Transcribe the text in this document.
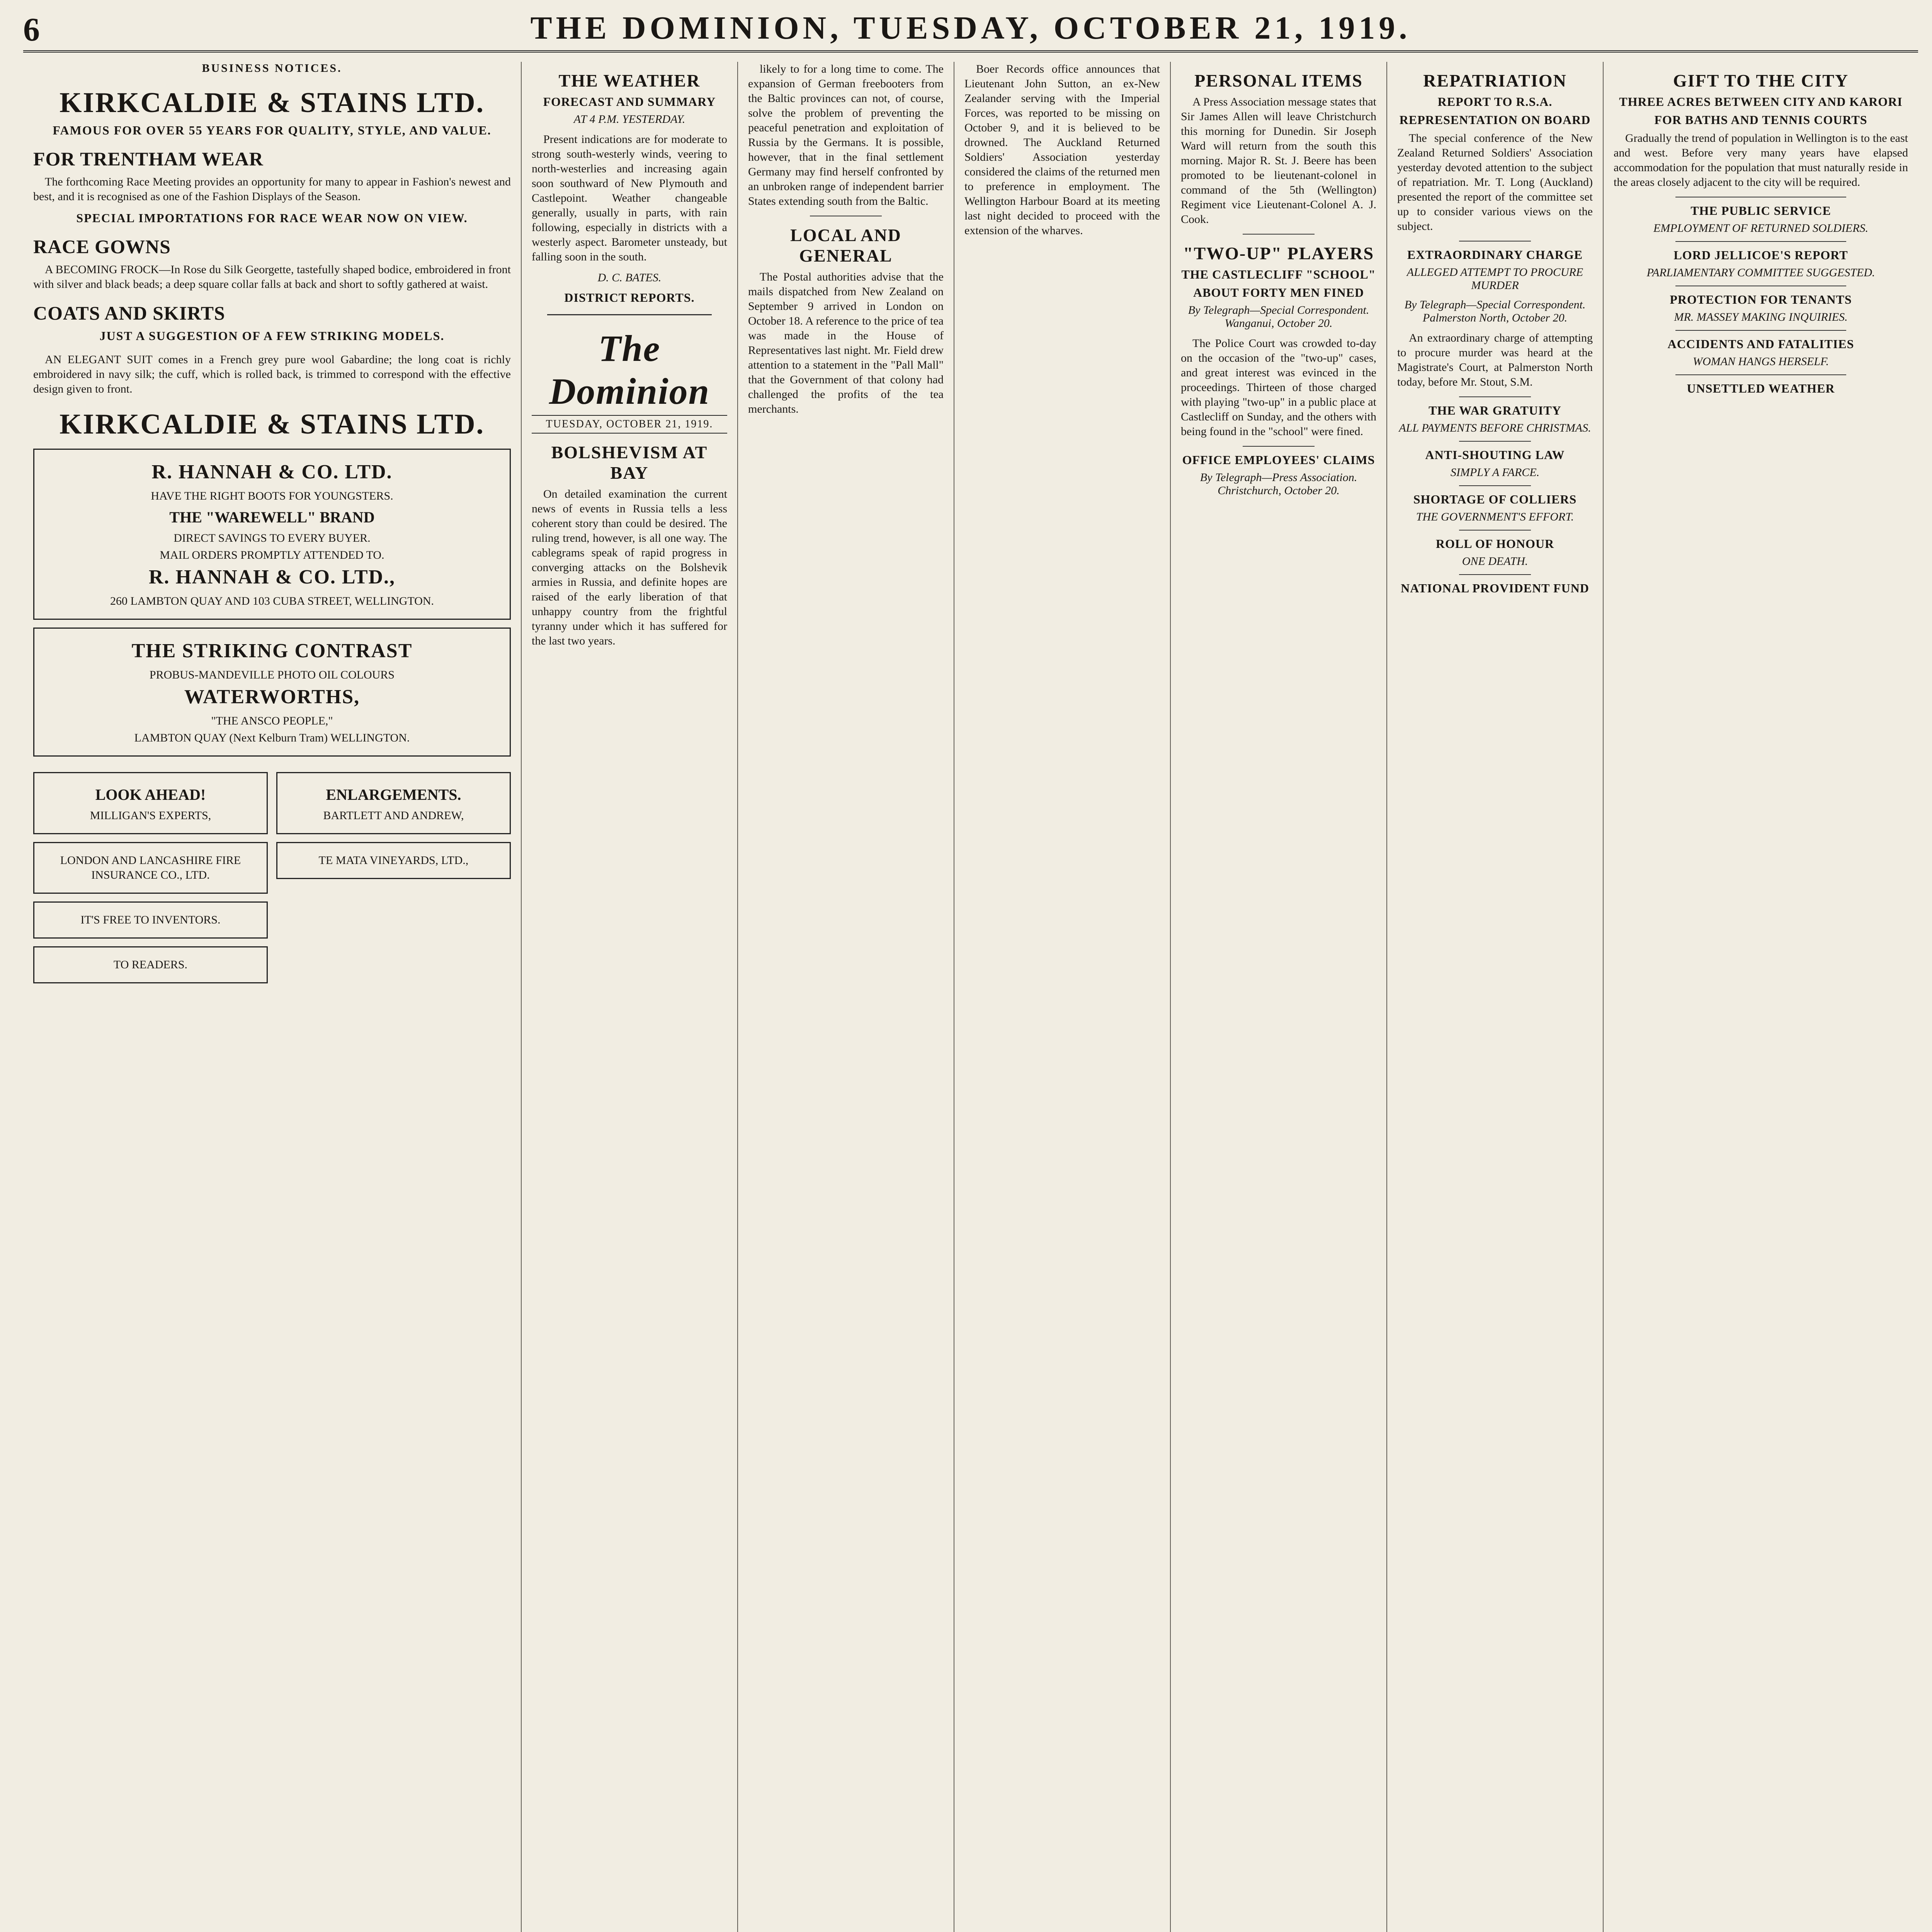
6	THE DOMINION, TUESDAY, OCTOBER 21, 1919.
BUSINESS NOTICES.
KIRKCALDIE & STAINS LTD.
FAMOUS FOR OVER 55 YEARS FOR QUALITY, STYLE, AND VALUE.
FOR TRENTHAM WEAR

The forthcoming Race Meeting provides an opportunity for many to appear in Fashion's newest and best, and it is recognised as one of the Fashion Displays of the Season.

SPECIAL IMPORTATIONS FOR RACE WEAR NOW ON VIEW.
RACE GOWNS

A BECOMING FROCK—In Rose du Silk Georgette, tastefully shaped bodice, embroidered in front with silver and black beads; a deep square collar falls at back and short to softly gathered at waist.

COATS AND SKIRTS
JUST A SUGGESTION OF A FEW STRIKING MODELS.

AN ELEGANT SUIT comes in a French grey pure wool Gabardine; the long coat is richly embroidered in navy silk; the cuff, which is rolled back, is trimmed to correspond with the effective design given to front.

KIRKCALDIE & STAINS LTD.
R. HANNAH & CO. LTD.
HAVE THE RIGHT BOOTS FOR YOUNGSTERS.
THE "WAREWELL" BRAND
DIRECT SAVINGS TO EVERY BUYER.
MAIL ORDERS PROMPTLY ATTENDED TO.
R. HANNAH & CO. LTD.,
260 LAMBTON QUAY AND 103 CUBA STREET, WELLINGTON.
THE STRIKING CONTRAST
PROBUS-MANDEVILLE PHOTO OIL COLOURS
WATERWORTHS,
"THE ANSCO PEOPLE,"
LAMBTON QUAY (Next Kelburn Tram) WELLINGTON.
LOOK AHEAD!
MILLIGAN'S EXPERTS,
LONDON AND LANCASHIRE FIRE INSURANCE CO., LTD.
IT'S FREE TO INVENTORS.
TO READERS.
ENLARGEMENTS.
BARTLETT AND ANDREW,
TE MATA VINEYARDS, LTD.,
THE WEATHER
FORECAST AND SUMMARY
AT 4 P.M. YESTERDAY.

Present indications are for moderate to strong south-westerly winds, veering to north-westerlies and increasing again soon southward of New Plymouth and Castlepoint. Weather changeable generally, usually in parts, with rain following, especially in districts with a westerly aspect. Barometer unsteady, but falling soon in the south.

D. C. BATES.
DISTRICT REPORTS.
The Dominion
TUESDAY, OCTOBER 21, 1919.
BOLSHEVISM AT BAY

On detailed examination the current news of events in Russia tells a less coherent story than could be desired. The ruling trend, however, is all one way. The cablegrams speak of rapid progress in converging attacks on the Bolshevik armies in Russia, and definite hopes are raised of the early liberation of that unhappy country from the frightful tyranny under which it has suffered for the last two years.

likely to for a long time to come. The expansion of German freebooters from the Baltic provinces can not, of course, solve the problem of preventing the peaceful penetration and exploitation of Russia by the Germans. It is possible, however, that in the final settlement Germany may find herself confronted by an unbroken range of independent barrier States extending south from the Baltic.

LOCAL AND GENERAL

The Postal authorities advise that the mails dispatched from New Zealand on September 9 arrived in London on October 18. A reference to the price of tea was made in the House of Representatives last night. Mr. Field drew attention to a statement in the "Pall Mall" that the Government of that colony had challenged the profits of the tea merchants.

Boer Records office announces that Lieutenant John Sutton, an ex-New Zealander serving with the Imperial Forces, was reported to be missing on October 9, and it is believed to be drowned. The Auckland Returned Soldiers' Association yesterday considered the claims of the returned men to preference in employment. The Wellington Harbour Board at its meeting last night decided to proceed with the extension of the wharves.

PERSONAL ITEMS

A Press Association message states that Sir James Allen will leave Christchurch this morning for Dunedin. Sir Joseph Ward will return from the south this morning. Major R. St. J. Beere has been promoted to be lieutenant-colonel in command of the 5th (Wellington) Regiment vice Lieutenant-Colonel A. J. Cook.

"TWO-UP" PLAYERS
THE CASTLECLIFF "SCHOOL"
ABOUT FORTY MEN FINED
By Telegraph—Special Correspondent. Wanganui, October 20.

The Police Court was crowded to-day on the occasion of the "two-up" cases, and great interest was evinced in the proceedings. Thirteen of those charged with playing "two-up" in a public place at Castlecliff on Sunday, and the others with being found in the "school" were fined.

OFFICE EMPLOYEES' CLAIMS
By Telegraph—Press Association. Christchurch, October 20.
REPATRIATION
REPORT TO R.S.A.
REPRESENTATION ON BOARD

The special conference of the New Zealand Returned Soldiers' Association yesterday devoted attention to the subject of repatriation. Mr. T. Long (Auckland) presented the report of the committee set up to consider various views on the subject.

EXTRAORDINARY CHARGE
ALLEGED ATTEMPT TO PROCURE MURDER
By Telegraph—Special Correspondent. Palmerston North, October 20.

An extraordinary charge of attempting to procure murder was heard at the Magistrate's Court, at Palmerston North today, before Mr. Stout, S.M.

THE WAR GRATUITY
ALL PAYMENTS BEFORE CHRISTMAS.
ANTI-SHOUTING LAW
SIMPLY A FARCE.
SHORTAGE OF COLLIERS
THE GOVERNMENT'S EFFORT.
ROLL OF HONOUR
ONE DEATH.
NATIONAL PROVIDENT FUND
GIFT TO THE CITY
THREE ACRES BETWEEN CITY AND KARORI
FOR BATHS AND TENNIS COURTS

Gradually the trend of population in Wellington is to the east and west. Before very many years have elapsed accommodation for the population that must naturally reside in the areas closely adjacent to the city will be required.

THE PUBLIC SERVICE
EMPLOYMENT OF RETURNED SOLDIERS.
LORD JELLICOE'S REPORT
PARLIAMENTARY COMMITTEE SUGGESTED.
PROTECTION FOR TENANTS
MR. MASSEY MAKING INQUIRIES.
ACCIDENTS AND FATALITIES
WOMAN HANGS HERSELF.
UNSETTLED WEATHER
